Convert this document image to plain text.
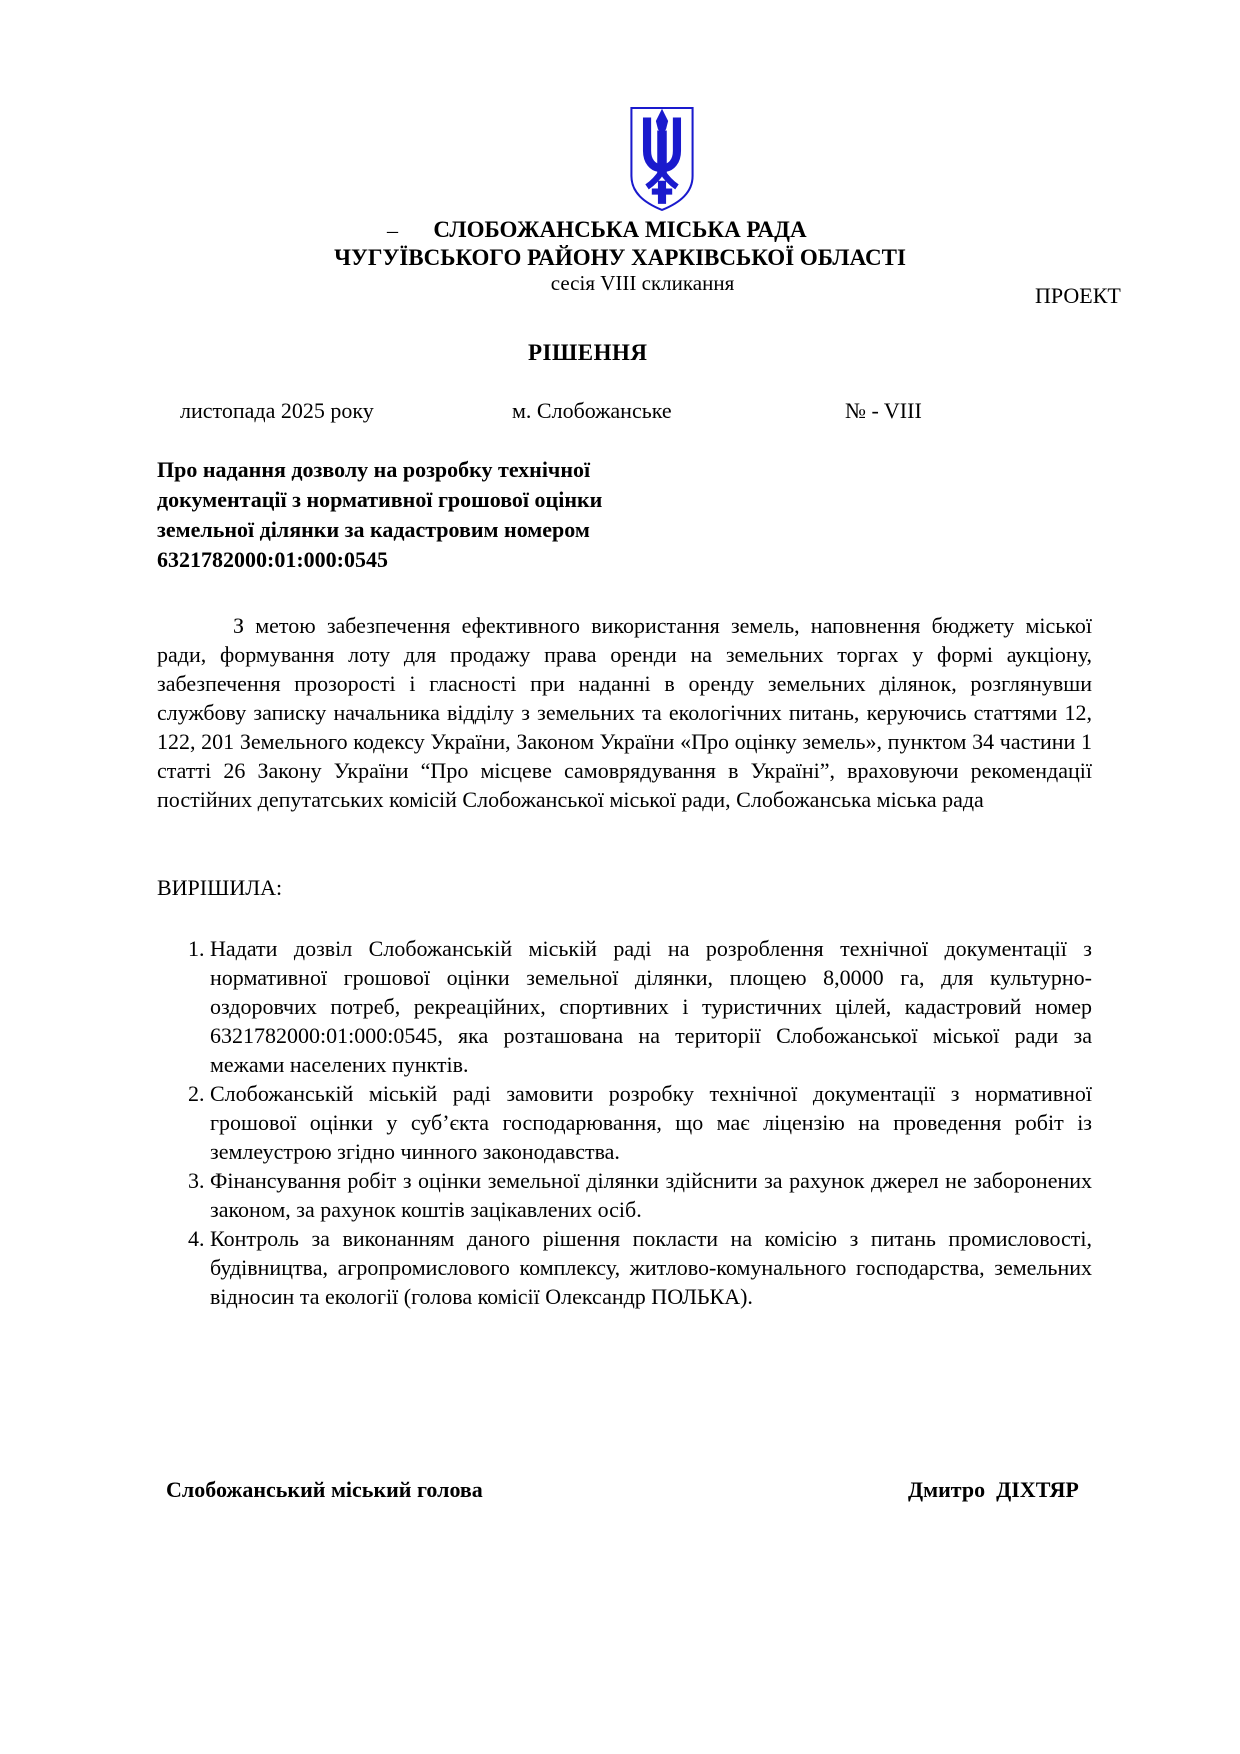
_	СЛОБОЖАНСЬКА МІСЬКА РАДА
ЧУГУЇВСЬКОГО РАЙОНУ ХАРКІВСЬКОЇ ОБЛАСТІ
сесія VIII скликання	ПРОЕКТ
РІШЕННЯ
листопада 2025 року	м. Слобожанське	№ - VIII
Про надання дозволу на розробку технічної
документації з нормативної грошової оцінки
земельної ділянки за кадастровим номером
6321782000:01:000:0545
З метою забезпечення ефективного використання земель, наповнення бюджету міської ради, формування лоту для продажу права оренди на земельних торгах у формі аукціону, забезпечення прозорості і гласності при наданні в оренду земельних ділянок, розглянувши службову записку начальника відділу з земельних та екологічних питань, керуючись статтями 12, 122, 201 Земельного кодексу України, Законом України «Про оцінку земель», пунктом 34 частини 1 статті 26 Закону України “Про місцеве самоврядування в Україні”, враховуючи рекомендації постійних депутатських комісій Слобожанської міської ради, Слобожанська міська рада
ВИРІШИЛА:
1. Надати дозвіл Слобожанській міській раді на розроблення технічної документації з нормативної грошової оцінки земельної ділянки, площею 8,0000 га, для культурно-оздоровчих потреб, рекреаційних, спортивних і туристичних цілей, кадастровий номер 6321782000:01:000:0545, яка розташована на території Слобожанської міської ради за межами населених пунктів.
2. Слобожанській міській раді замовити розробку технічної документації з нормативної грошової оцінки у суб’єкта господарювання, що має ліцензію на проведення робіт із землеустрою згідно чинного законодавства.
3. Фінансування робіт з оцінки земельної ділянки здійснити за рахунок джерел не заборонених законом, за рахунок коштів зацікавлених осіб.
4. Контроль за виконанням даного рішення покласти на комісію з питань промисловості, будівництва, агропромислового комплексу, житлово-комунального господарства, земельних відносин та екології (голова комісії Олександр ПОЛЬКА).
Слобожанський міський голова	Дмитро  ДІХТЯР
